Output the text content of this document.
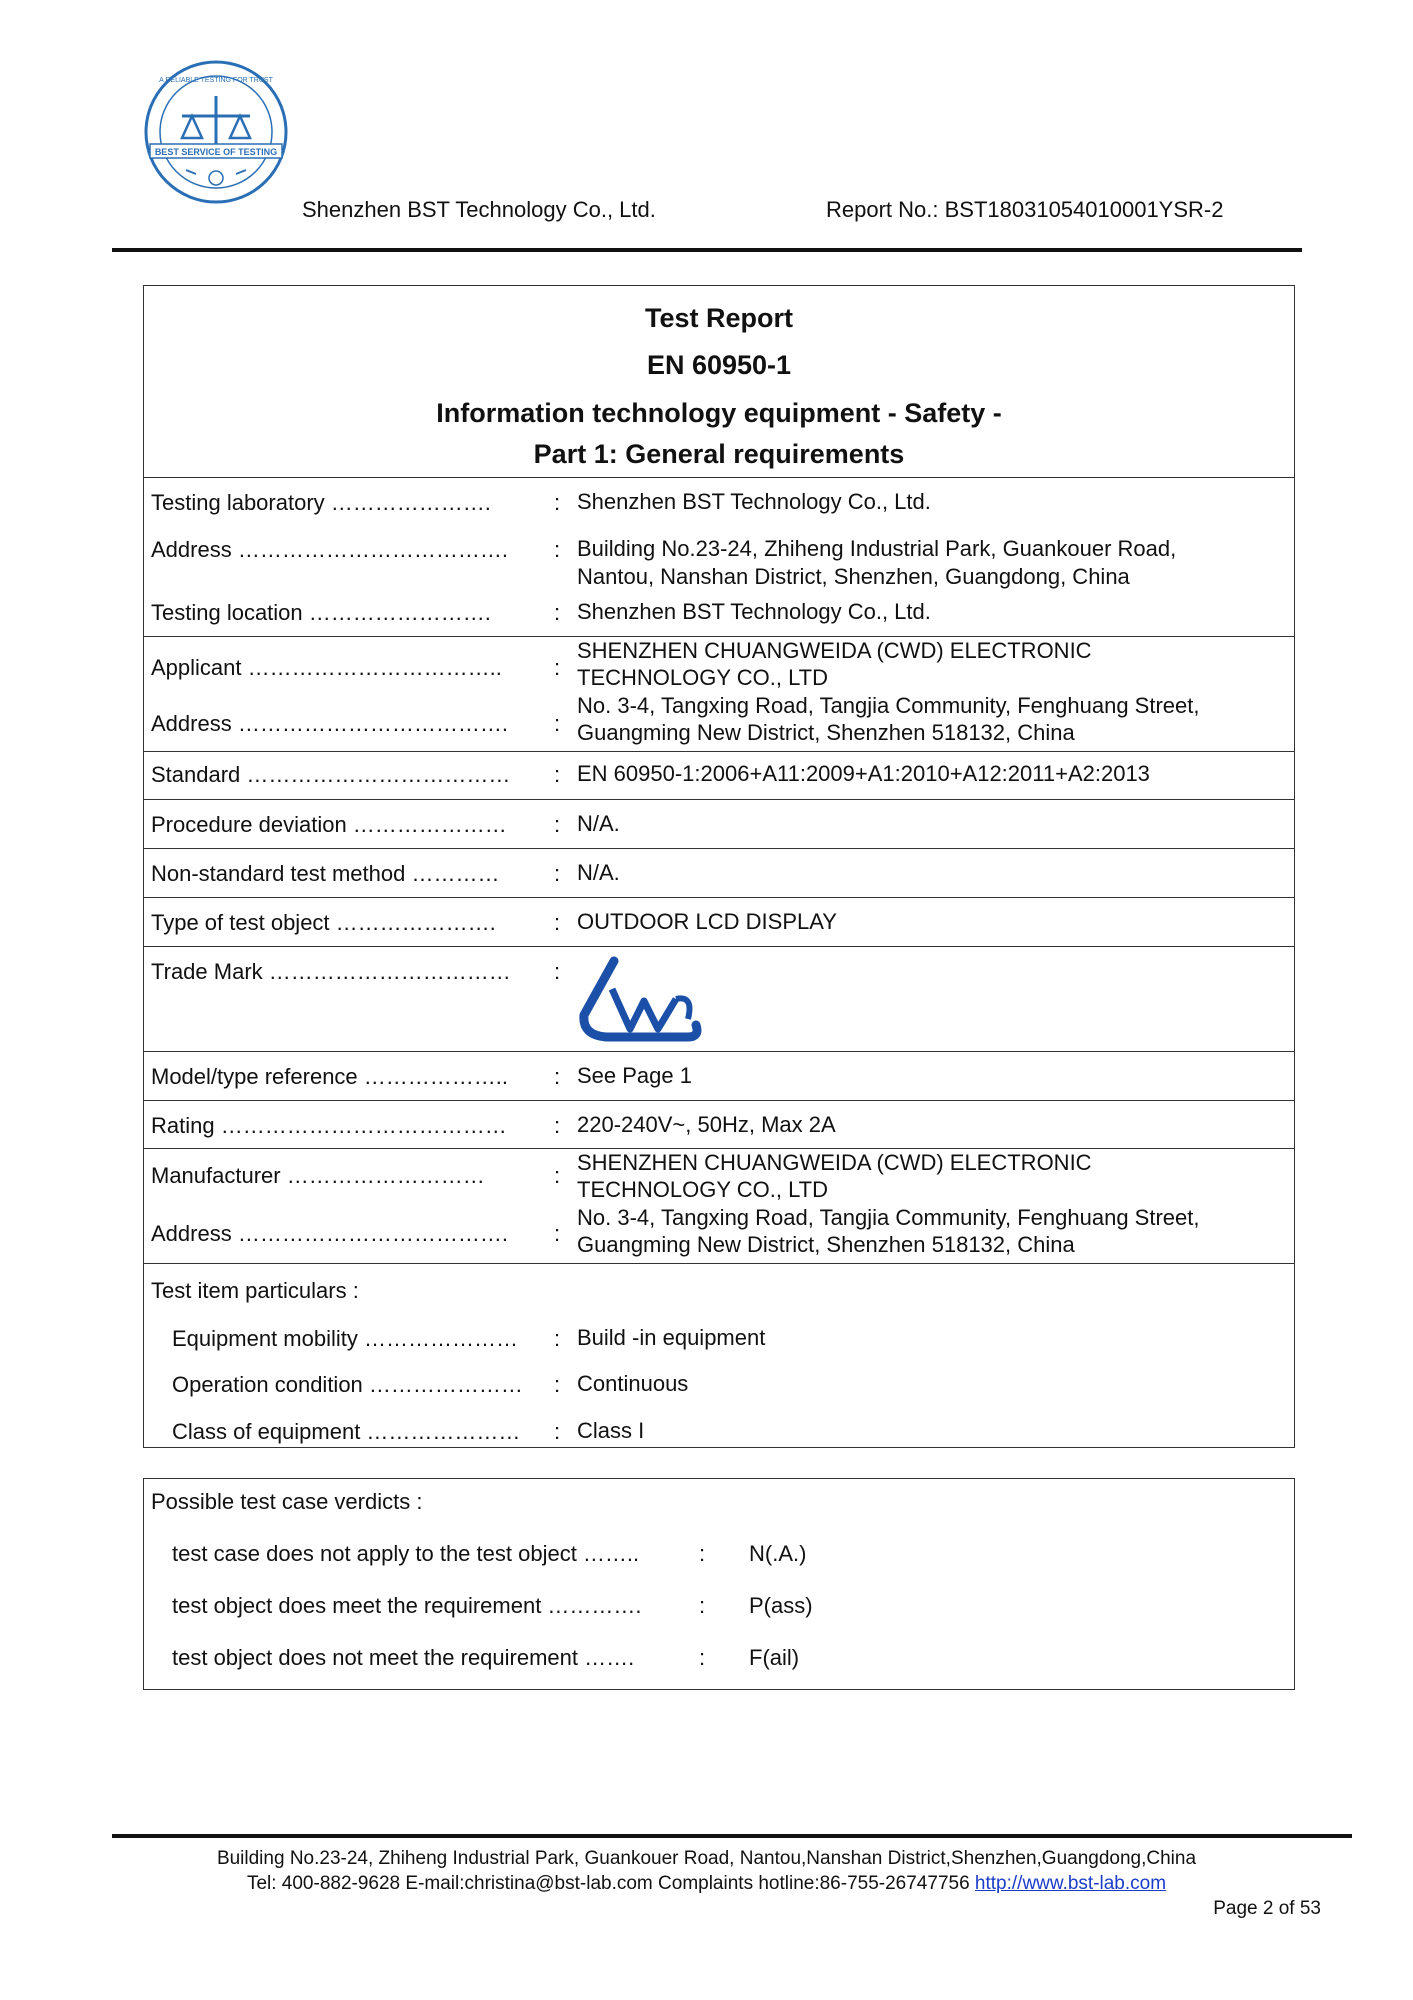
BEST SERVICE OF TESTING
A RELIABLE TESTING FOR TRUST
Shenzhen BST Technology Co., Ltd.	Report No.: BST18031054010001YSR-2
Test Report
EN 60950-1
Information technology equipment - Safety -
Part 1: General requirements
Testing laboratory ………………….	: Shenzhen BST Technology Co., Ltd.
Address ………………………………. : Building No.23-24, Zhiheng Industrial Park, Guankouer Road,
Nantou, Nanshan District, Shenzhen, Guangdong, China
Testing location …………………….	: Shenzhen BST Technology Co., Ltd.
Applicant …………………………….. :
SHENZHEN CHUANGWEIDA (CWD) ELECTRONIC
TECHNOLOGY CO., LTD
Address ………………………………. :
No. 3-4, Tangxing Road, Tangjia Community, Fenghuang Street,
Guangming New District, Shenzhen 518132, China
Standard ……………………………… : EN 60950-1:2006+A11:2009+A1:2010+A12:2011+A2:2013
Procedure deviation ………………… : N/A.
Non-standard test method ………… : N/A.
Type of test object ………………….	: OUTDOOR LCD DISPLAY
Trade Mark …………………………… :
Model/type reference ……………….. : See Page 1
Rating ………………………………… : 220-240V~, 50Hz, Max 2A
Manufacturer ………………………	:
SHENZHEN CHUANGWEIDA (CWD) ELECTRONIC
TECHNOLOGY CO., LTD
Address ………………………………. :
No. 3-4, Tangxing Road, Tangjia Community, Fenghuang Street,
Guangming New District, Shenzhen 518132, China
Test item particulars :
Equipment mobility ………………… : Build -in equipment
Operation condition ………………… : Continuous
Class of equipment ………………… : Class I
Possible test case verdicts :
test case does not apply to the test object ……..	: N(.A.)
test object does meet the requirement ………….	: P(ass)
test object does not meet the requirement …….	: F(ail)
Building No.23-24, Zhiheng Industrial Park, Guankouer Road, Nantou,Nanshan District,Shenzhen,Guangdong,China
Tel: 400-882-9628 E-mail:christina@bst-lab.com Complaints hotline:86-755-26747756 http://www.bst-lab.com
Page 2 of 53
